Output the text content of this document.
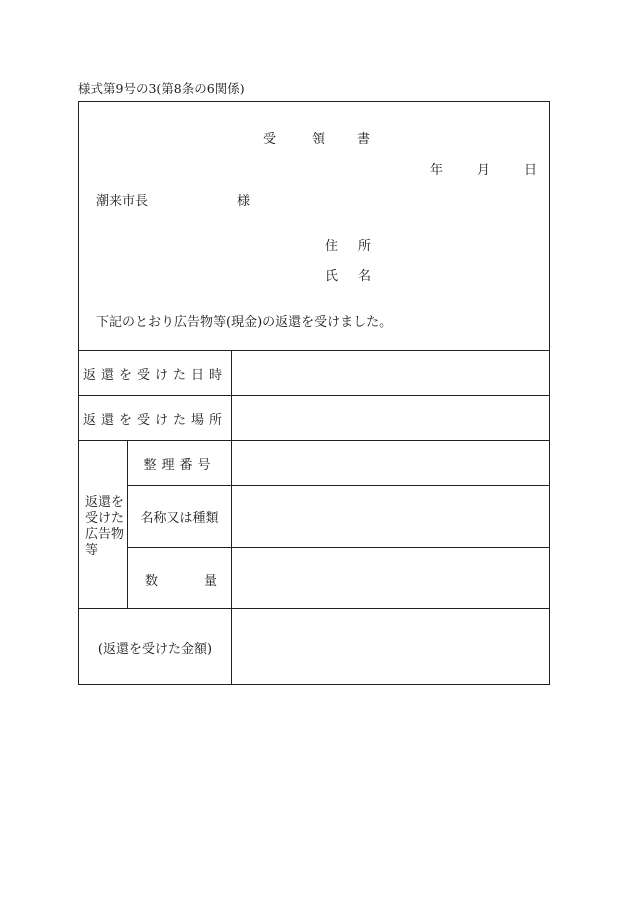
様式第9号の3(第8条の6関係)
受	領 書
年	月	日
潮来市長	様
住 所
氏 名
下記のとおり広告物等(現金)の返還を受けました。
返還を受けた日時
返還を受けた場所
返還を
受けた
広告物
等
整理番号
名称又は種類
数	量
(返還を受けた金額)
